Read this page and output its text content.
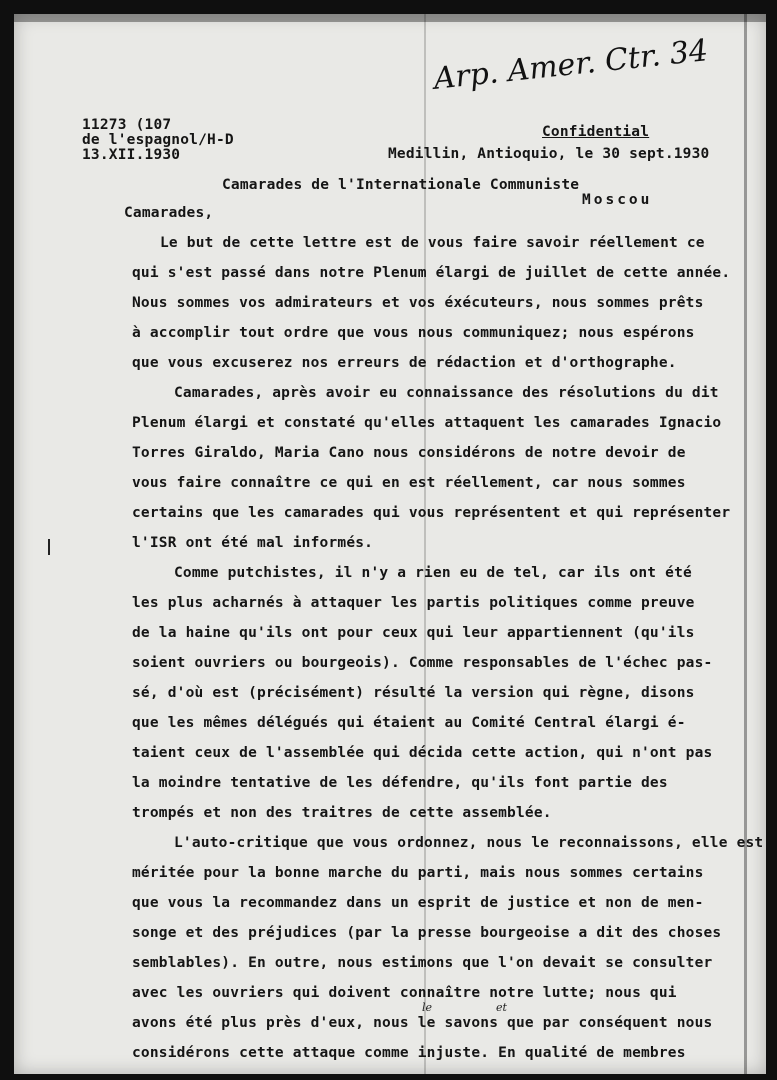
Arp. Amer. Ctr. 34
11273 (107
de l'espagnol/H-D
13.XII.1930
Confidential
Medillin, Antioquio, le 30 sept.1930
Camarades de l'Internationale Communiste
Moscou
Camarades,
Le but de cette lettre est de vous faire savoir réellement ce
qui s'est passé dans notre Plenum élargi de juillet de cette année.
Nous sommes vos admirateurs et vos éxécuteurs, nous sommes prêts
à accomplir tout ordre que vous nous communiquez; nous espérons
que vous excuserez nos erreurs de rédaction et d'orthographe.
Camarades, après avoir eu connaissance des résolutions du dit
Plenum élargi et constaté qu'elles attaquent les camarades Ignacio
Torres Giraldo, Maria Cano nous considérons de notre devoir de
vous faire connaître ce qui en est réellement, car nous sommes
certains que les camarades qui vous représentent et qui représenter
l'ISR ont été mal informés.
Comme putchistes, il n'y a rien eu de tel, car ils ont été
les plus acharnés à attaquer les partis politiques comme preuve
de la haine qu'ils ont pour ceux qui leur appartiennent (qu'ils
soient ouvriers ou bourgeois). Comme responsables de l'échec pas-
sé, d'où est (précisément) résulté la version qui règne, disons
que les mêmes délégués qui étaient au Comité Central élargi é-
taient ceux de l'assemblée qui décida cette action, qui n'ont pas
la moindre tentative de les défendre, qu'ils font partie des
trompés et non des traitres de cette assemblée.
L'auto-critique que vous ordonnez, nous le reconnaissons, elle est
méritée pour la bonne marche du parti, mais nous sommes certains
que vous la recommandez dans un esprit de justice et non de men-
songe et des préjudices (par la presse bourgeoise a dit des choses
semblables). En outre, nous estimons que l'on devait se consulter
avec les ouvriers qui doivent connaître notre lutte; nous qui
le	et
avons été plus près d'eux, nous le savons que par conséquent nous
considérons cette attaque comme injuste. En qualité de membres
